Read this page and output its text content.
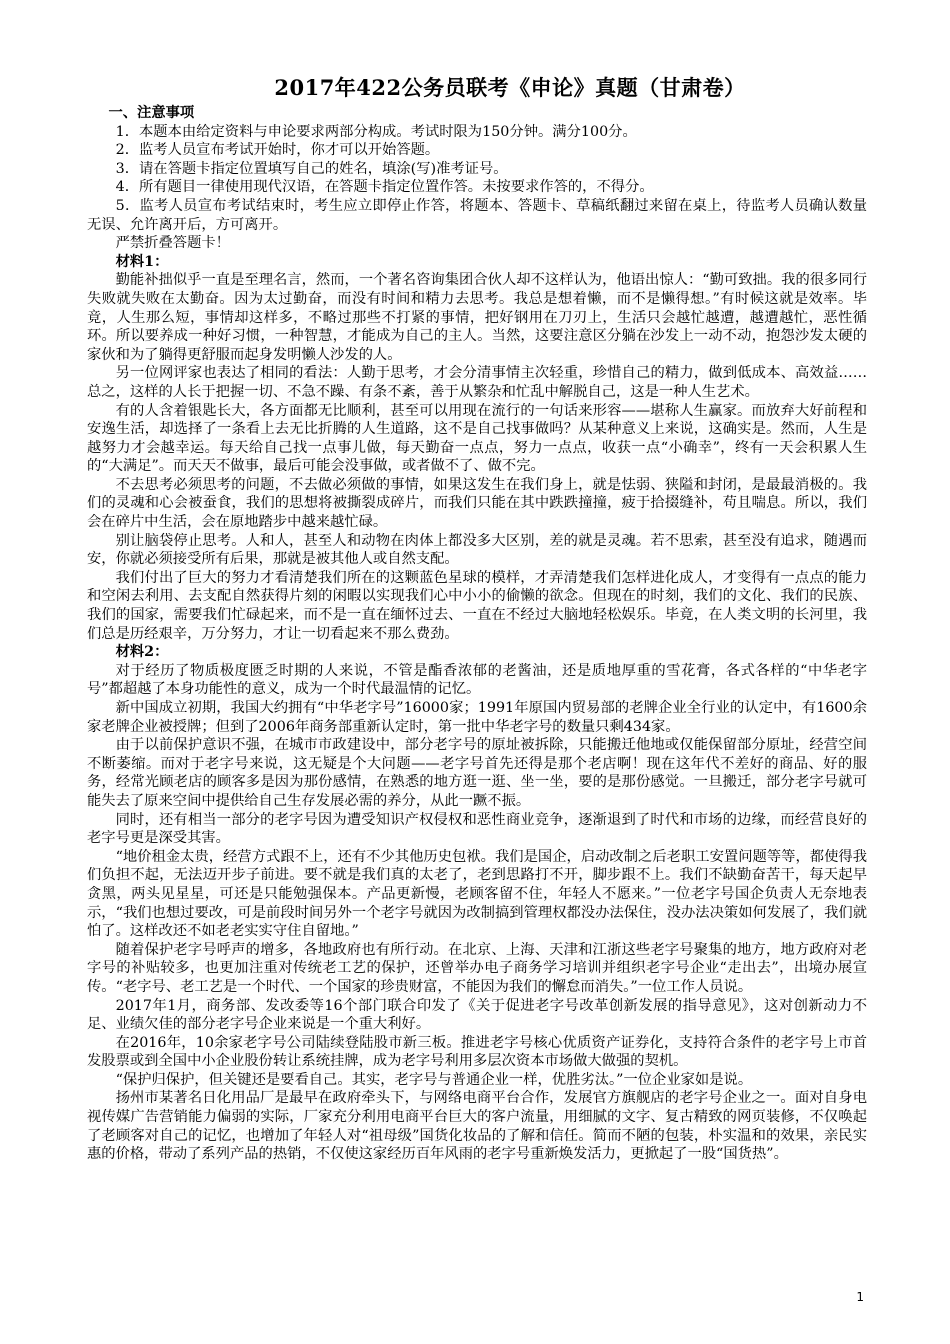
2017年422公务员联考《申论》真题（甘肃卷）

一、注意事项

1．本题本由给定资料与申论要求两部分构成。考试时限为150分钟。满分100分。

2．监考人员宣布考试开始时，你才可以开始答题。

3．请在答题卡指定位置填写自己的姓名，填涂(写)准考证号。

4．所有题目一律使用现代汉语，在答题卡指定位置作答。未按要求作答的，不得分。

5．监考人员宣布考试结束时，考生应立即停止作答，将题本、答题卡、草稿纸翻过来留在桌上，待监考人员确认数量无误、允许离开后，方可离开。

严禁折叠答题卡！

材料1：

勤能补拙似乎一直是至理名言，然而，一个著名咨询集团合伙人却不这样认为，他语出惊人：“勤可致拙。我的很多同行失败就失败在太勤奋。因为太过勤奋，而没有时间和精力去思考。我总是想着懒，而不是懒得想。”有时候这就是效率。毕竟，人生那么短，事情却这样多，不略过那些不打紧的事情，把好钢用在刀刃上，生活只会越忙越遭，越遭越忙，恶性循环。所以要养成一种好习惯，一种智慧，才能成为自己的主人。当然，这要注意区分躺在沙发上一动不动，抱怨沙发太硬的家伙和为了躺得更舒服而起身发明懒人沙发的人。

另一位网评家也表达了相同的看法：人勤于思考，才会分清事情主次轻重，珍惜自己的精力，做到低成本、高效益……总之，这样的人长于把握一切、不急不躁、有条不紊，善于从繁杂和忙乱中解脱自己，这是一种人生艺术。

有的人含着银匙长大，各方面都无比顺利，甚至可以用现在流行的一句话来形容——堪称人生赢家。而放弃大好前程和安逸生活，却选择了一条看上去无比折腾的人生道路，这不是自己找事做吗？从某种意义上来说，这确实是。然而，人生是越努力才会越幸运。每天给自己找一点事儿做，每天勤奋一点点，努力一点点，收获一点“小确幸”，终有一天会积累人生的“大满足”。而天天不做事，最后可能会没事做，或者做不了、做不完。

不去思考必须思考的问题，不去做必须做的事情，如果这发生在我们身上，就是怯弱、狭隘和封闭，是最最消极的。我们的灵魂和心会被蚕食，我们的思想将被撕裂成碎片，而我们只能在其中跌跌撞撞，疲于拾掇缝补，苟且喘息。所以，我们会在碎片中生活，会在原地踏步中越来越忙碌。

别让脑袋停止思考。人和人，甚至人和动物在肉体上都没多大区别，差的就是灵魂。若不思索，甚至没有追求，随遇而安，你就必须接受所有后果，那就是被其他人或自然支配。

我们付出了巨大的努力才看清楚我们所在的这颗蓝色星球的模样，才弄清楚我们怎样进化成人，才变得有一点点的能力和空闲去利用、去支配自然获得片刻的闲暇以实现我们心中小小的偷懒的欲念。但现在的时刻，我们的文化、我们的民族、我们的国家，需要我们忙碌起来，而不是一直在缅怀过去、一直在不经过大脑地轻松娱乐。毕竟，在人类文明的长河里，我们总是历经艰辛，万分努力，才让一切看起来不那么费劲。

材料2：

对于经历了物质极度匮乏时期的人来说，不管是酯香浓郁的老酱油，还是质地厚重的雪花膏，各式各样的“中华老字号”都超越了本身功能性的意义，成为一个时代最温情的记忆。

新中国成立初期，我国大约拥有“中华老字号”16000家；1991年原国内贸易部的老牌企业全行业的认定中，有1600余家老牌企业被授牌；但到了2006年商务部重新认定时，第一批中华老字号的数量只剩434家。

由于以前保护意识不强，在城市市政建设中，部分老字号的原址被拆除，只能搬迁他地或仅能保留部分原址，经营空间不断萎缩。而对于老字号来说，这无疑是个大问题——老字号首先还得是那个老店啊！现在这年代不差好的商品、好的服务，经常光顾老店的顾客多是因为那份感情，在熟悉的地方逛一逛、坐一坐，要的是那份感觉。一旦搬迁，部分老字号就可能失去了原来空间中提供给自己生存发展必需的养分，从此一蹶不振。

同时，还有相当一部分的老字号因为遭受知识产权侵权和恶性商业竞争，逐渐退到了时代和市场的边缘，而经营良好的老字号更是深受其害。

“地价租金太贵，经营方式跟不上，还有不少其他历史包袱。我们是国企，启动改制之后老职工安置问题等等，都使得我们负担不起，无法迈开步子前进。要不就是我们真的太老了，老到思路打不开，脚步跟不上。我们不缺勤奋苦干，每天起早贪黑，两头见星星，可还是只能勉强保本。产品更新慢，老顾客留不住，年轻人不愿来。”一位老字号国企负责人无奈地表示，“我们也想过要改，可是前段时间另外一个老字号就因为改制搞到管理权都没办法保住，没办法决策如何发展了，我们就怕了。这样改还不如老老实实守住自留地。”

随着保护老字号呼声的增多，各地政府也有所行动。在北京、上海、天津和江浙这些老字号聚集的地方，地方政府对老字号的补贴较多，也更加注重对传统老工艺的保护，还曾举办电子商务学习培训并组织老字号企业“走出去”，出境办展宣传。“老字号、老工艺是一个时代、一个国家的珍贵财富，不能因为我们的懈怠而消失。”一位工作人员说。

2017年1月，商务部、发改委等16个部门联合印发了《关于促进老字号改革创新发展的指导意见》，这对创新动力不足、业绩欠佳的部分老字号企业来说是一个重大利好。

在2016年，10余家老字号公司陆续登陆股市新三板。推进老字号核心优质资产证券化，支持符合条件的老字号上市首发股票或到全国中小企业股份转让系统挂牌，成为老字号利用多层次资本市场做大做强的契机。

“保护归保护，但关键还是要看自己。其实，老字号与普通企业一样，优胜劣汰。”一位企业家如是说。

扬州市某著名日化用品厂是最早在政府牵头下，与网络电商平台合作，发展官方旗舰店的老字号企业之一。面对自身电视传媒广告营销能力偏弱的实际，厂家充分利用电商平台巨大的客户流量，用细腻的文字、复古精致的网页装修，不仅唤起了老顾客对自己的记忆，也增加了年轻人对“祖母级”国货化妆品的了解和信任。简而不陋的包装，朴实温和的效果，亲民实惠的价格，带动了系列产品的热销，不仅使这家经历百年风雨的老字号重新焕发活力，更掀起了一股“国货热”。

1
